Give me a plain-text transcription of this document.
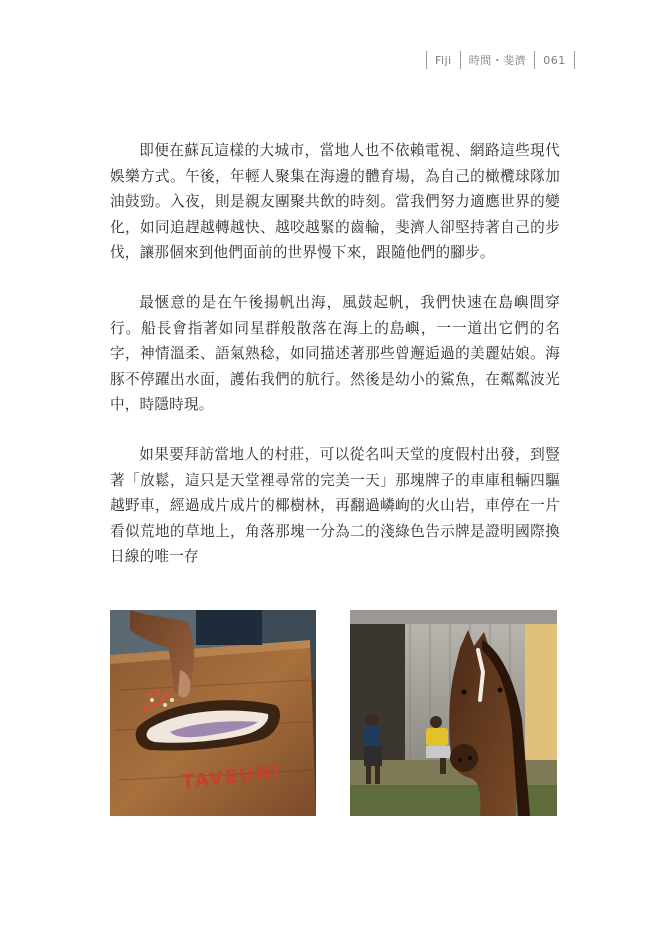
Fiji 時間・斐濟 061

即便在蘇瓦這樣的大城市，當地人也不依賴電視、網路這些現代娛樂方式。午後，年輕人聚集在海邊的體育場，為自己的橄欖球隊加油鼓勁。入夜，則是親友團聚共飲的時刻。當我們努力適應世界的變化，如同追趕越轉越快、越咬越緊的齒輪，斐濟人卻堅持著自己的步伐，讓那個來到他們面前的世界慢下來，跟隨他們的腳步。

最愜意的是在午後揚帆出海，風鼓起帆，我們快速在島嶼間穿行。船長會指著如同星群般散落在海上的島嶼，一一道出它們的名字，神情溫柔、語氣熟稔，如同描述著那些曾邂逅過的美麗姑娘。海豚不停躍出水面，護佑我們的航行。然後是幼小的鯊魚，在粼粼波光中，時隱時現。

如果要拜訪當地人的村莊，可以從名叫天堂的度假村出發，到豎著「放鬆，這只是天堂裡尋常的完美一天」那塊牌子的車庫租輛四驅越野車，經過成片成片的椰樹林，再翻過嶙峋的火山岩，車停在一片看似荒地的草地上，角落那塊一分為二的淺綠色告示牌是證明國際換日線的唯一存

TAVEUNI
